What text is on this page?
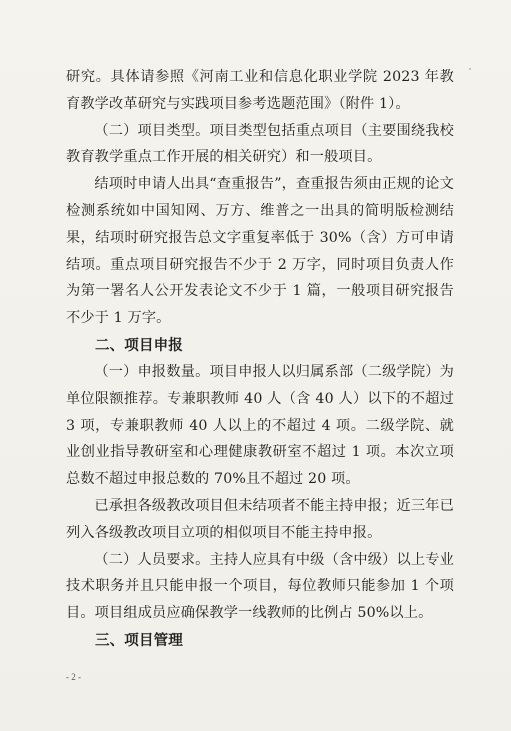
研究。具体请参照《河南工业和信息化职业学院 2023 年教育教学改革研究与实践项目参考选题范围》（附件 1）。

（二）项目类型。项目类型包括重点项目（主要围绕我校教育教学重点工作开展的相关研究）和一般项目。

结项时申请人出具“查重报告”，查重报告须由正规的论文检测系统如中国知网、万方、维普之一出具的简明版检测结果，结项时研究报告总文字重复率低于 30%（含）方可申请结项。重点项目研究报告不少于 2 万字，同时项目负责人作为第一署名人公开发表论文不少于 1 篇，一般项目研究报告不少于 1 万字。

二、项目申报

（一）申报数量。项目申报人以归属系部（二级学院）为单位限额推荐。专兼职教师 40 人（含 40 人）以下的不超过 3 项，专兼职教师 40 人以上的不超过 4 项。二级学院、就业创业指导教研室和心理健康教研室不超过 1 项。本次立项总数不超过申报总数的 70%且不超过 20 项。

已承担各级教改项目但未结项者不能主持申报；近三年已列入各级教改项目立项的相似项目不能主持申报。

（二）人员要求。主持人应具有中级（含中级）以上专业技术职务并且只能申报一个项目，每位教师只能参加 1 个项目。项目组成员应确保教学一线教师的比例占 50%以上。

三、项目管理
- 2 -
